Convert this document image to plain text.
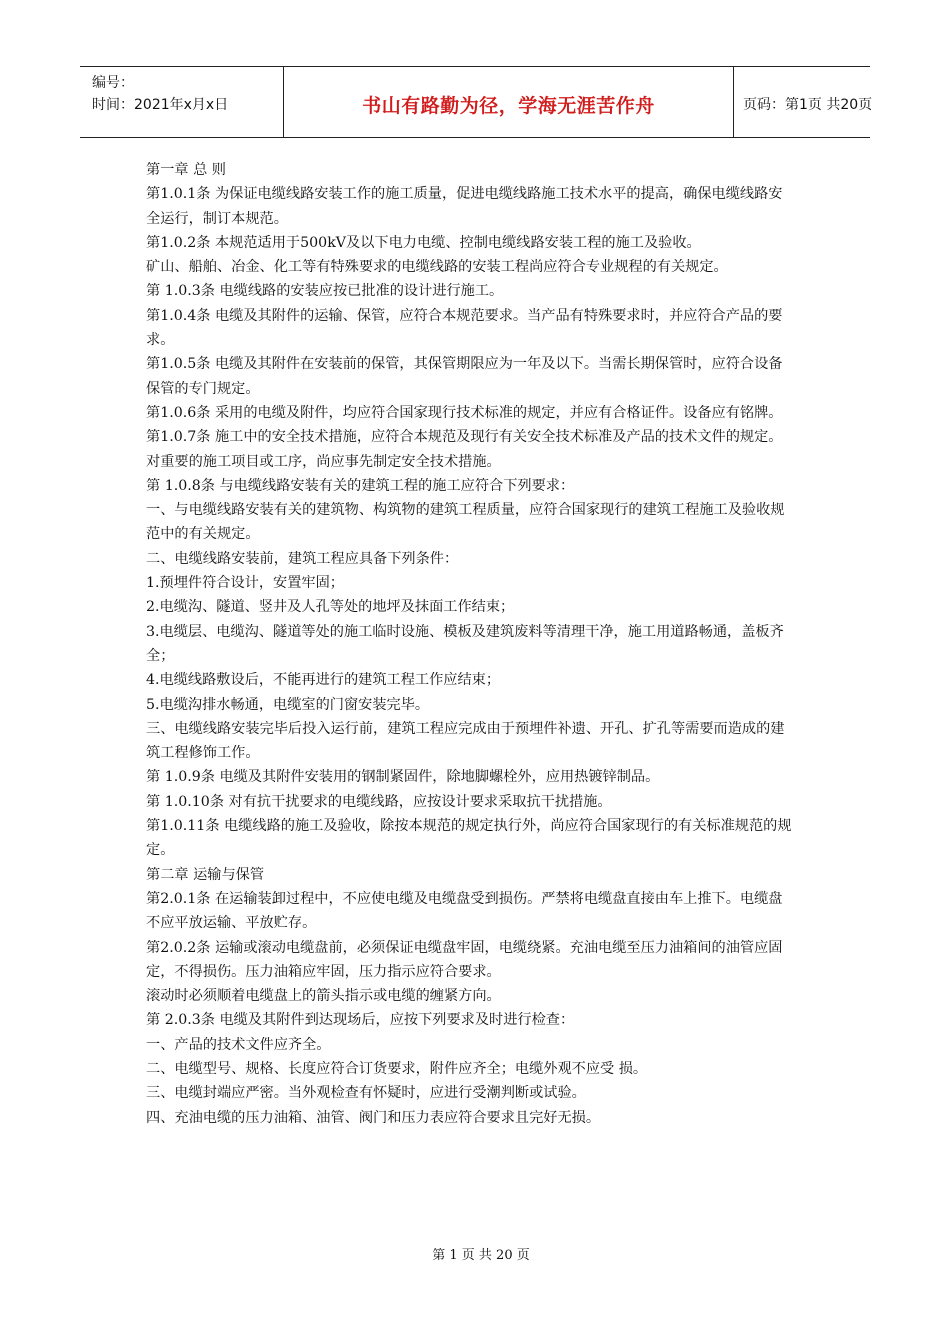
编号：
时间：2021年x月x日	书山有路勤为径，学海无涯苦作舟	页码：第1页 共20页

第一章 总 则

第1.0.1条 为保证电缆线路安装工作的施工质量，促进电缆线路施工技术水平的提高，确保电缆线路安全运行，制订本规范。

第1.0.2条 本规范适用于500kV及以下电力电缆、控制电缆线路安装工程的施工及验收。

矿山、船舶、冶金、化工等有特殊要求的电缆线路的安装工程尚应符合专业规程的有关规定。

第 1.0.3条 电缆线路的安装应按已批准的设计进行施工。

第1.0.4条 电缆及其附件的运输、保管，应符合本规范要求。当产品有特殊要求时，并应符合产品的要求。

第1.0.5条 电缆及其附件在安装前的保管，其保管期限应为一年及以下。当需长期保管时，应符合设备保管的专门规定。

第1.0.6条 采用的电缆及附件，均应符合国家现行技术标准的规定，并应有合格证件。设备应有铭牌。

第1.0.7条 施工中的安全技术措施，应符合本规范及现行有关安全技术标准及产品的技术文件的规定。对重要的施工项目或工序，尚应事先制定安全技术措施。

第 1.0.8条 与电缆线路安装有关的建筑工程的施工应符合下列要求：

一、与电缆线路安装有关的建筑物、构筑物的建筑工程质量，应符合国家现行的建筑工程施工及验收规范中的有关规定。

二、电缆线路安装前，建筑工程应具备下列条件：

1.预埋件符合设计，安置牢固；

2.电缆沟、隧道、竖井及人孔等处的地坪及抹面工作结束；

3.电缆层、电缆沟、隧道等处的施工临时设施、模板及建筑废料等清理干净，施工用道路畅通，盖板齐全；

4.电缆线路敷设后，不能再进行的建筑工程工作应结束；

5.电缆沟排水畅通，电缆室的门窗安装完毕。

三、电缆线路安装完毕后投入运行前，建筑工程应完成由于预埋件补遗、开孔、扩孔等需要而造成的建筑工程修饰工作。

第 1.0.9条 电缆及其附件安装用的钢制紧固件，除地脚螺栓外，应用热镀锌制品。

第 1.0.10条 对有抗干扰要求的电缆线路，应按设计要求采取抗干扰措施。

第1.0.11条 电缆线路的施工及验收，除按本规范的规定执行外，尚应符合国家现行的有关标准规范的规定。

第二章 运输与保管

第2.0.1条 在运输装卸过程中，不应使电缆及电缆盘受到损伤。严禁将电缆盘直接由车上推下。电缆盘不应平放运输、平放贮存。

第2.0.2条 运输或滚动电缆盘前，必须保证电缆盘牢固，电缆绕紧。充油电缆至压力油箱间的油管应固定，不得损伤。压力油箱应牢固，压力指示应符合要求。

滚动时必须顺着电缆盘上的箭头指示或电缆的缠紧方向。

第 2.0.3条 电缆及其附件到达现场后，应按下列要求及时进行检查：

一、产品的技术文件应齐全。

二、电缆型号、规格、长度应符合订货要求，附件应齐全；电缆外观不应受 损。

三、电缆封端应严密。当外观检查有怀疑时，应进行受潮判断或试验。

四、充油电缆的压力油箱、油管、阀门和压力表应符合要求且完好无损。

第 1 页 共 20 页
